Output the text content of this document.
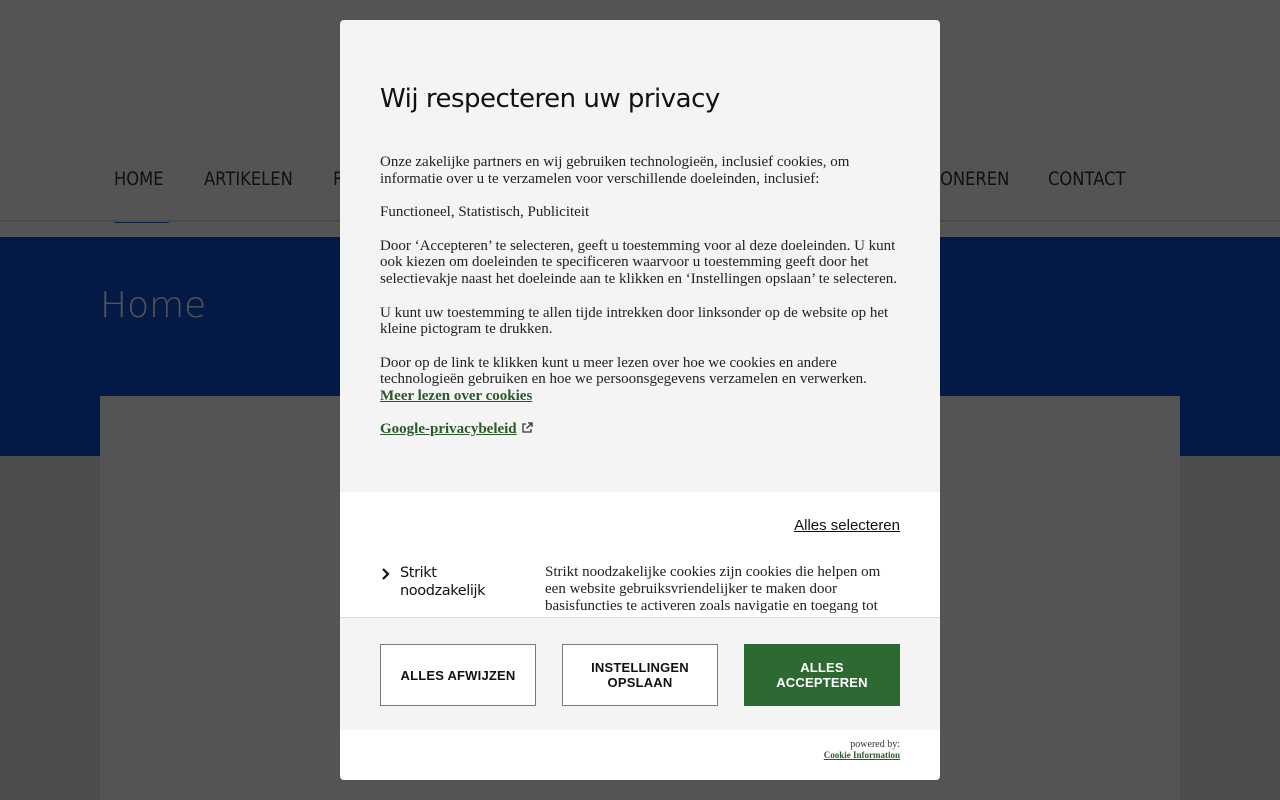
Wij respecteren uw privacy

Onze zakelijke partners en wij gebruiken technologieën, inclusief cookies, om informatie over u te verzamelen voor verschillende doeleinden, inclusief:

Functioneel, Statistisch, Publiciteit

Door ‘Accepteren’ te selecteren, geeft u toestemming voor al deze doeleinden. U kunt ook kiezen om doeleinden te specificeren waarvoor u toestemming geeft door het selectievakje naast het doeleinde aan te klikken en ‘Instellingen opslaan’ te selecteren.

U kunt uw toestemming te allen tijde intrekken door linksonder op de website op het kleine pictogram te drukken.

Door op de link te klikken kunt u meer lezen over hoe we cookies en andere technologieën gebruiken en hoe we persoonsgegevens verzamelen en verwerken.
Meer lezen over cookies

Google-privacybeleid

Alles selecteren
Strikt noodzakelijk
Strikt noodzakelijke cookies zijn cookies die helpen om een website gebruiksvriendelijker te maken door basisfuncties te activeren zoals navigatie en toegang tot
ALLES AFWIJZEN	INSTELLINGEN OPSLAAN
ALLES ACCEPTEREN
powered by:
Cookie Information
